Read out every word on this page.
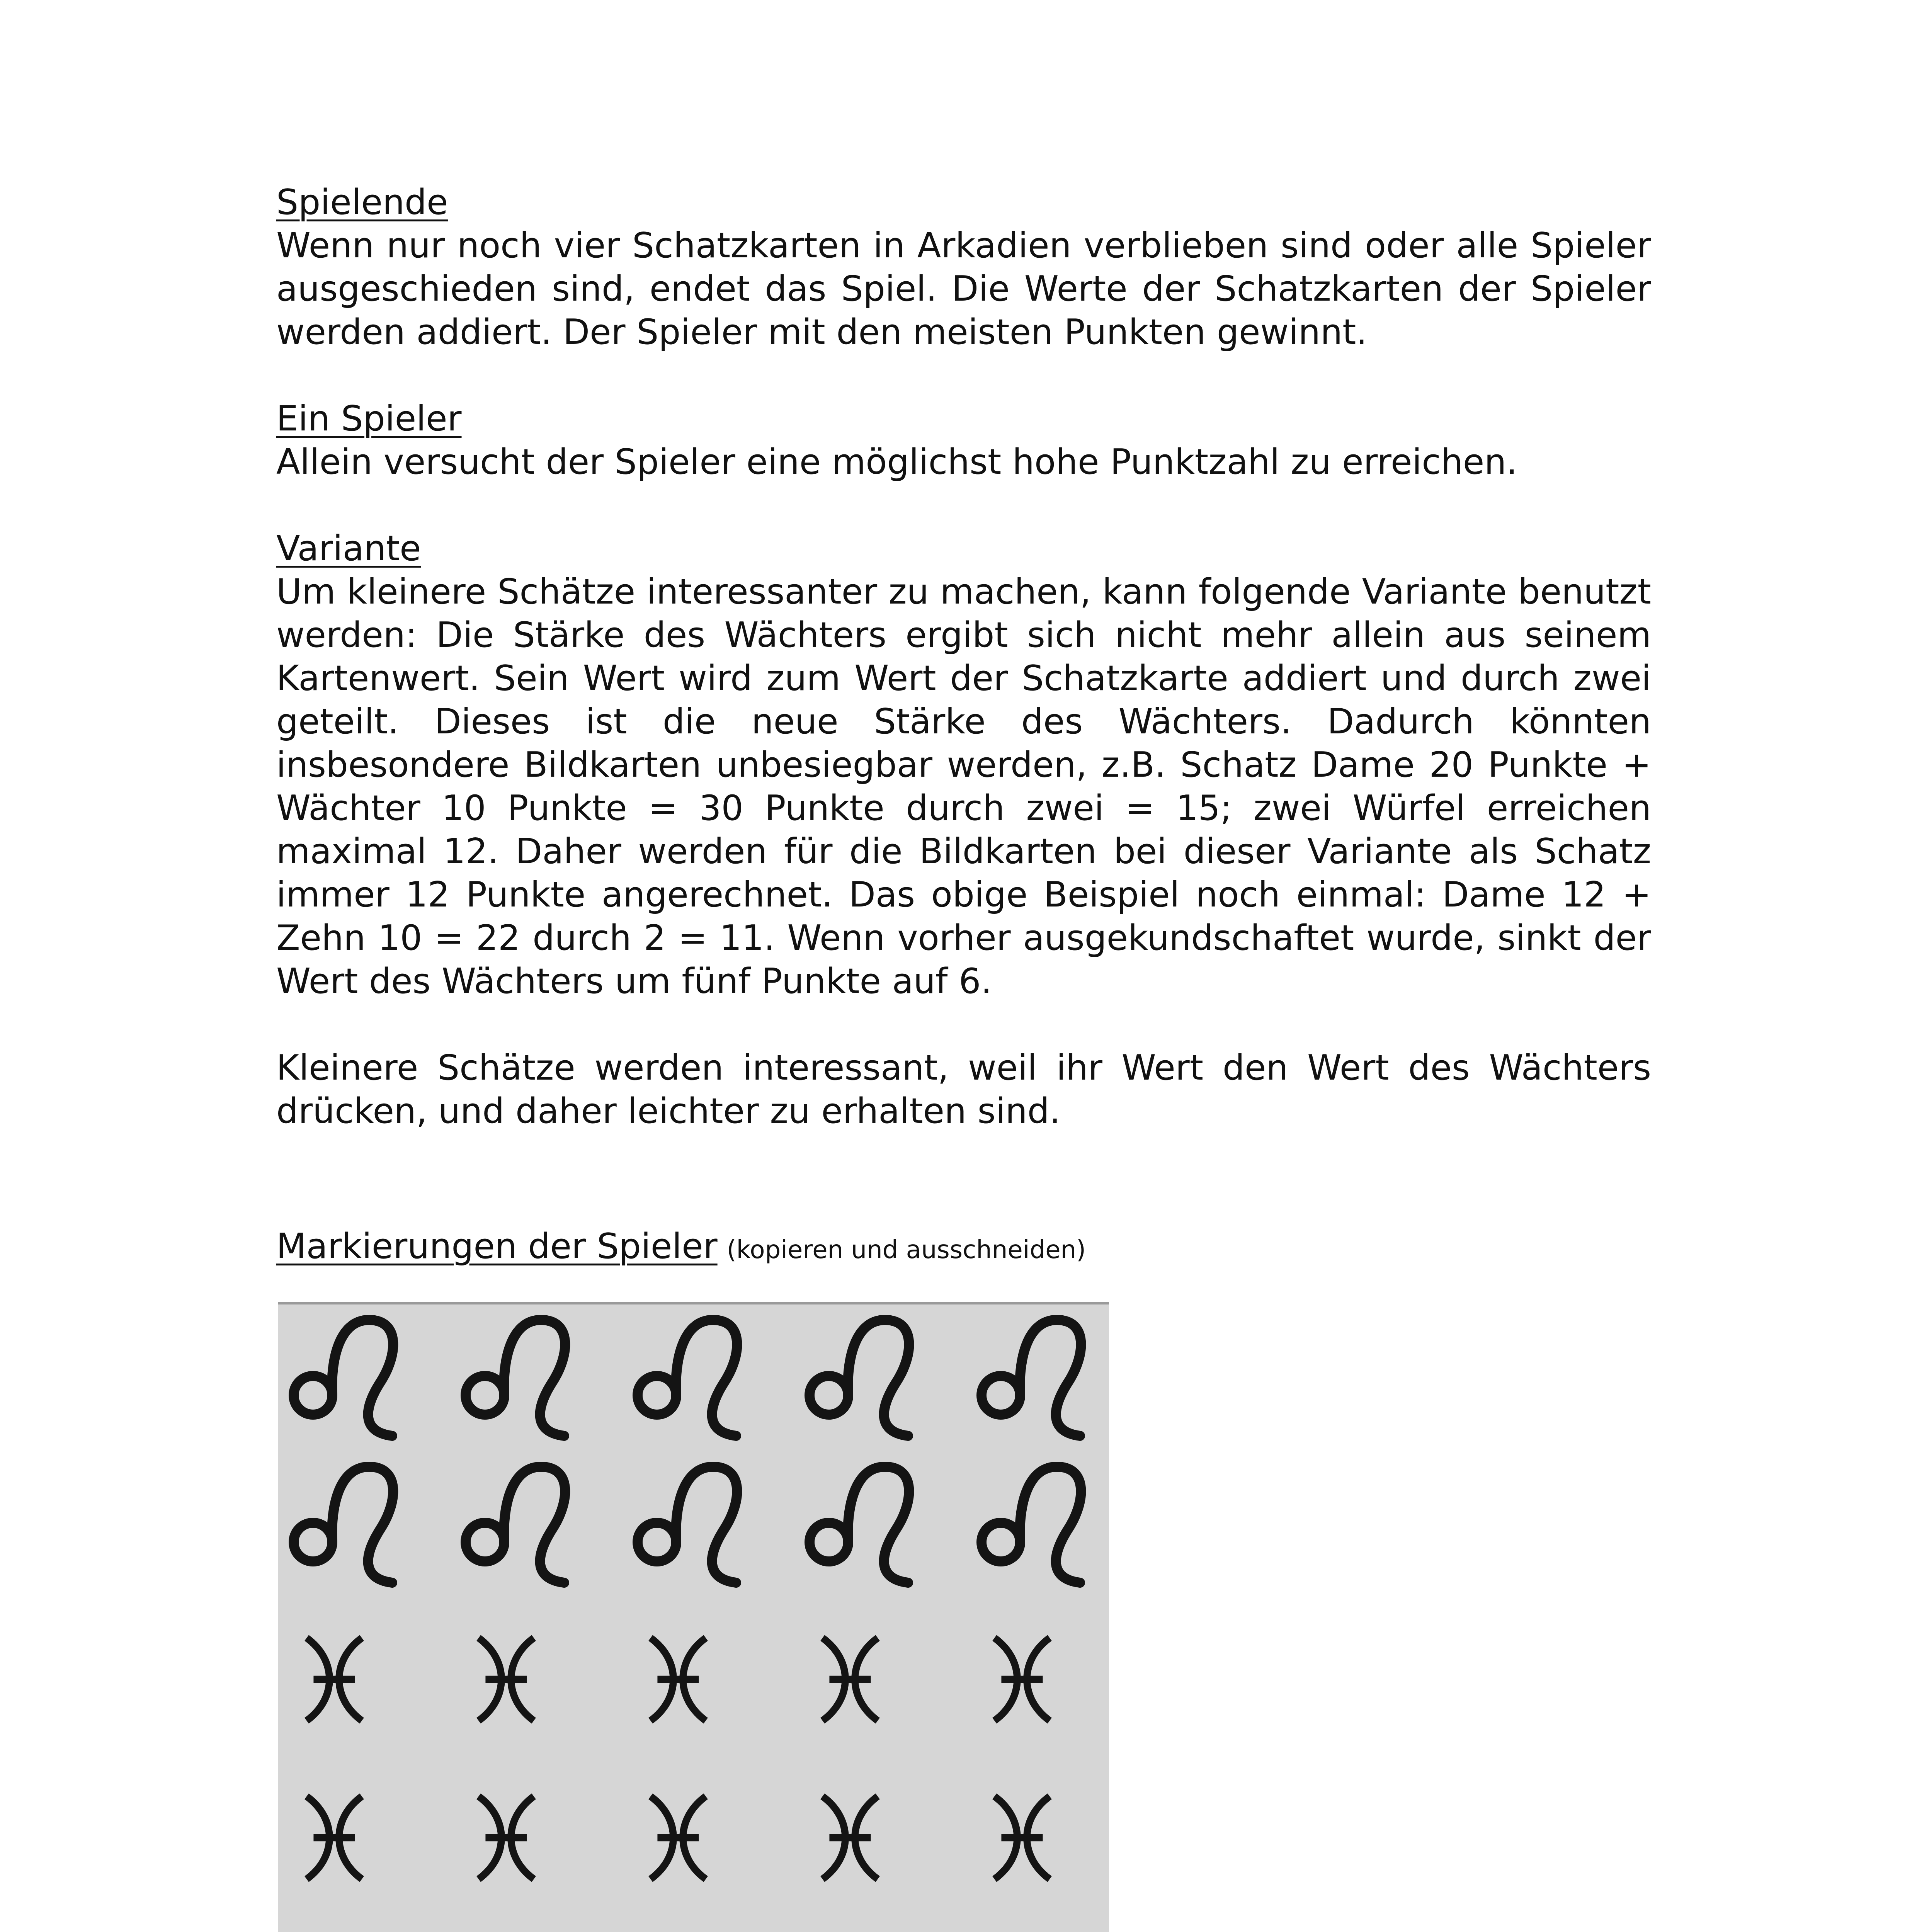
Spielende

Wenn nur noch vier Schatzkarten in Arkadien verblieben sind oder alle Spieler ausgeschieden sind, endet das Spiel. Die Werte der Schatzkarten der Spieler werden addiert. Der Spieler mit den meisten Punkten gewinnt.

Ein Spieler

Allein versucht der Spieler eine möglichst hohe Punktzahl zu erreichen.

Variante

Um kleinere Schätze interessanter zu machen, kann folgende Variante benutzt werden: Die Stärke des Wächters ergibt sich nicht mehr allein aus seinem Kartenwert. Sein Wert wird zum Wert der Schatzkarte addiert und durch zwei geteilt. Dieses ist die neue Stärke des Wächters. Dadurch könnten insbesondere Bildkarten unbesiegbar werden, z.B. Schatz Dame 20 Punkte + Wächter 10 Punkte = 30 Punkte durch zwei = 15; zwei Würfel erreichen maximal 12. Daher werden für die Bildkarten bei dieser Variante als Schatz immer 12 Punkte angerechnet. Das obige Beispiel noch einmal: Dame 12 + Zehn 10 = 22 durch 2 = 11. Wenn vorher ausgekundschaftet wurde, sinkt der Wert des Wächters um fünf Punkte auf 6.

Kleinere Schätze werden interessant, weil ihr Wert den Wert des Wächters drücken, und daher leichter zu erhalten sind.

Markierungen der Spieler (kopieren und ausschneiden)
